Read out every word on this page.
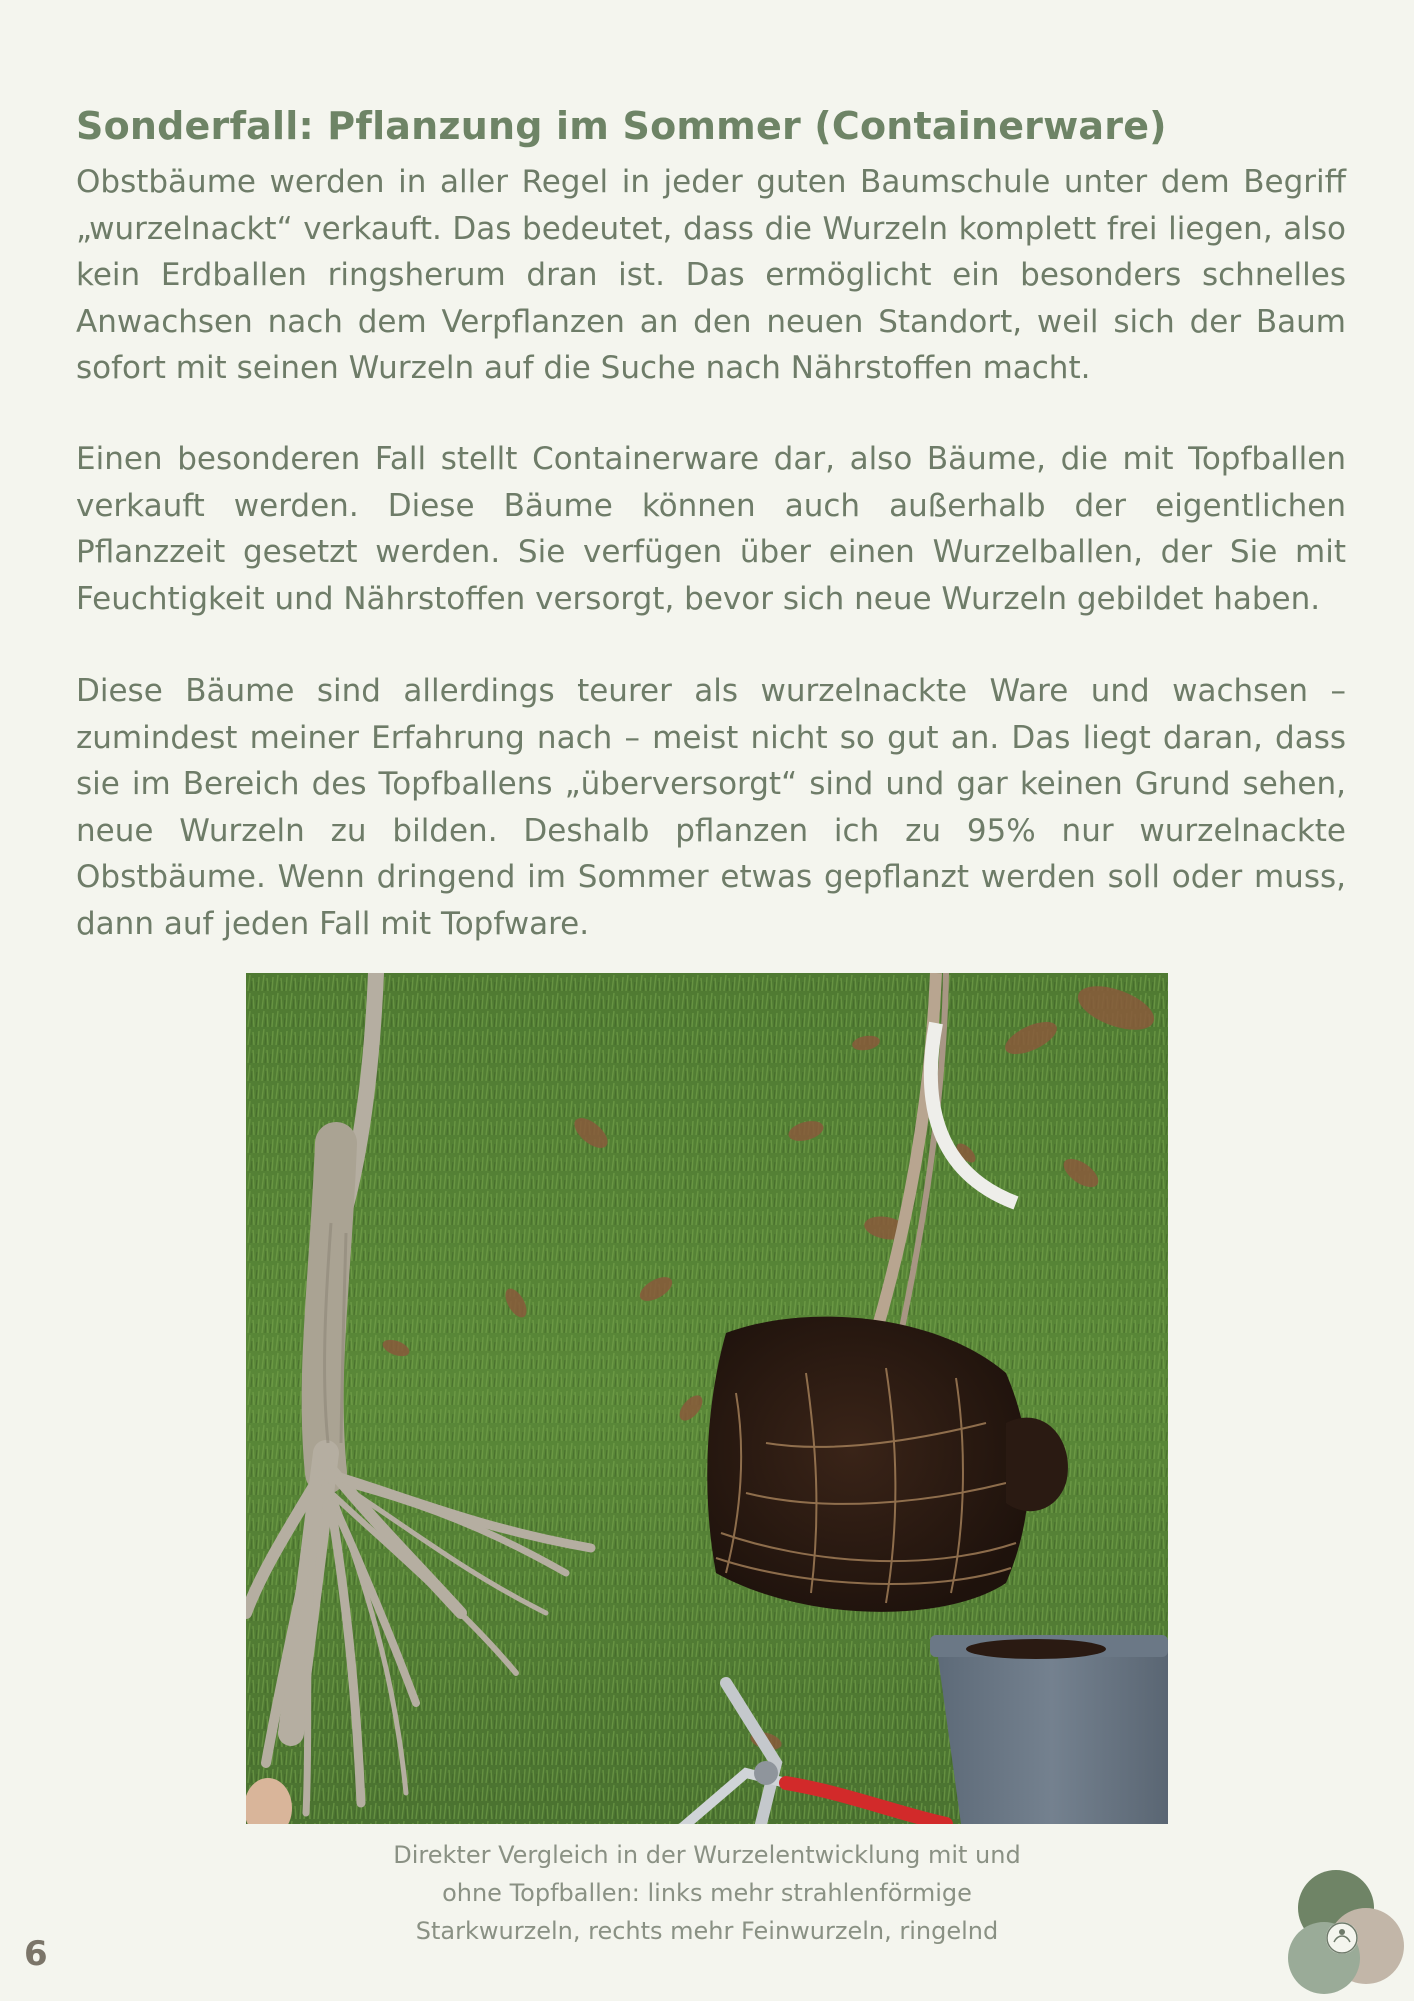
Sonderfall: Pflanzung im Sommer (Containerware)

Obstbäume werden in aller Regel in jeder guten Baumschule unter dem Begriff „wurzelnackt“ verkauft. Das bedeutet, dass die Wurzeln komplett frei liegen, also kein Erdballen ringsherum dran ist. Das ermöglicht ein besonders schnelles Anwachsen nach dem Verpflanzen an den neuen Standort, weil sich der Baum sofort mit seinen Wurzeln auf die Suche nach Nährstoffen macht.

Einen besonderen Fall stellt Containerware dar, also Bäume, die mit Topfballen verkauft werden. Diese Bäume können auch außerhalb der eigentlichen Pflanzzeit gesetzt werden. Sie verfügen über einen Wurzelballen, der Sie mit Feuchtigkeit und Nährstoffen versorgt, bevor sich neue Wurzeln gebildet haben.

Diese Bäume sind allerdings teurer als wurzelnackte Ware und wachsen – zumindest meiner Erfahrung nach – meist nicht so gut an. Das liegt daran, dass sie im Bereich des Topfballens „überversorgt“ sind und gar keinen Grund sehen, neue Wurzeln zu bilden. Deshalb pflanzen ich zu 95% nur wurzelnackte Obstbäume. Wenn dringend im Sommer etwas gepflanzt werden soll oder muss, dann auf jeden Fall mit Topfware.

Direkter Vergleich in der Wurzelentwicklung mit und
ohne Topfballen: links mehr strahlenförmige
Starkwurzeln, rechts mehr Feinwurzeln, ringelnd
6
